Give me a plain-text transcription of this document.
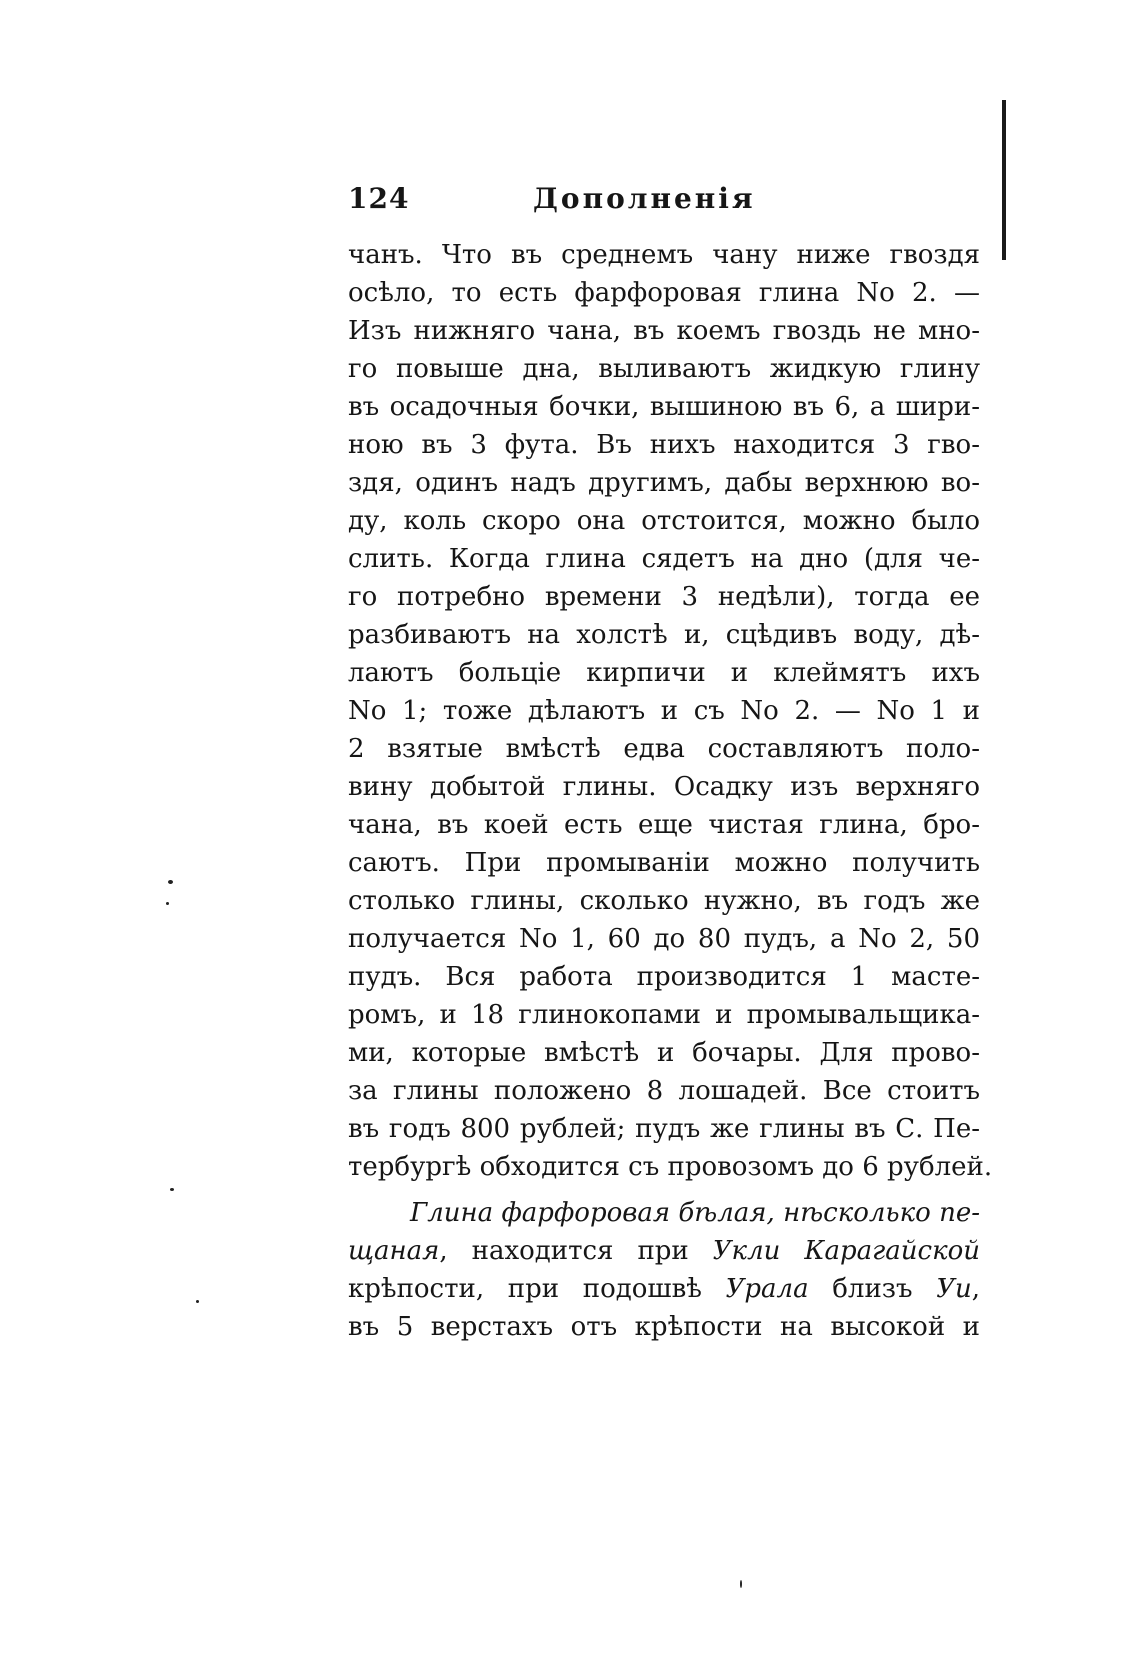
124	Дополненія
чанъ. Что въ среднемъ чану ниже гвоздя
осѣло, то есть фарфоровая глина No 2. —
Изъ нижняго чана, въ коемъ гвоздь не мно-
го повыше дна, выливаютъ жидкую глину
въ осадочныя бочки, вышиною въ 6, а шири-
ною въ 3 фута. Въ нихъ находится 3 гво-
здя, одинъ надъ другимъ, дабы верхнюю во-
ду, коль скоро она отстоится, можно было
слить. Когда глина сядетъ на дно (для че-
го потребно времени 3 недѣли), тогда ее
разбиваютъ на холстѣ и, сцѣдивъ воду, дѣ-
лаютъ больціе кирпичи и клеймятъ ихъ
No 1; тоже дѣлаютъ и съ No 2. — No 1 и
2 взятые вмѣстѣ едва составляютъ поло-
вину добытой глины. Осадку изъ верхняго
чана, въ коей есть еще чистая глина, бро-
саютъ. При промываніи можно получить
столько глины, сколько нужно, въ годъ же
получается No 1, 60 до 80 пудъ, а No 2, 50
пудъ. Вся работа производится 1 масте-
ромъ, и 18 глинокопами и промывальщика-
ми, которые вмѣстѣ и бочары. Для прово-
за глины положено 8 лошадей. Все стоитъ
въ годъ 800 рублей; пудъ же глины въ С. Пе-
тербургѣ обходится съ провозомъ до 6 рублей.
Глина фарфоровая бѣлая, нѣсколько пе-
щаная, находится при Укли Карагайской
крѣпости, при подошвѣ Урала близъ Уи,
въ 5 верстахъ отъ крѣпости на высокой и
